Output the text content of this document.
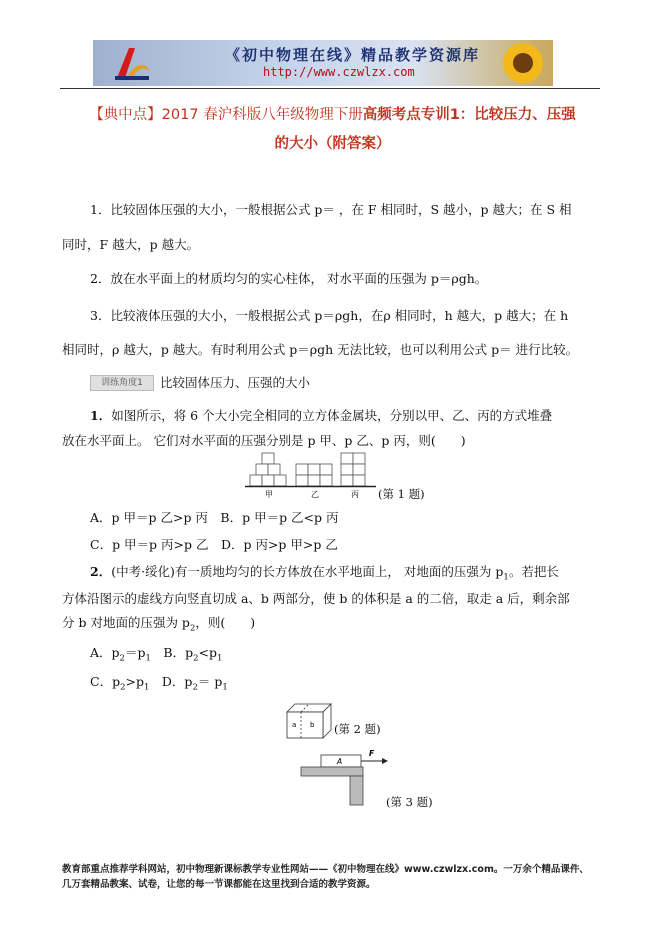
《初中物理在线》精品教学资源库
http://www.czwlzx.com
【典中点】2017 春沪科版八年级物理下册高频考点专训1：比较压力、压强
的大小（附答案）
1．比较固体压强的大小，一般根据公式 p＝ ，在 F 相同时，S 越小，p 越大；在 S 相
同时，F 越大，p 越大。
2．放在水平面上的材质均匀的实心柱体， 对水平面的压强为 p＝ρgh。
3．比较液体压强的大小，一般根据公式 p＝ρgh，在ρ 相同时，h 越大，p 越大；在 h
相同时，ρ 越大，p 越大。有时利用公式 p＝ρgh 无法比较，也可以利用公式 p＝ 进行比较。
训练角度1	比较固体压力、压强的大小
1．如图所示，将 6 个大小完全相同的立方体金属块，分别以甲、乙、丙的方式堆叠
放在水平面上。 它们对水平面的压强分别是 p 甲、p 乙、p 丙，则(　　)
甲	乙	丙 (第 1 题)
A．p 甲＝p 乙>p 丙　B．p 甲＝p 乙<p 丙
C．p 甲＝p 丙>p 乙　D．p 丙>p 甲>p 乙
2．(中考·绥化)有一质地均匀的长方体放在水平地面上， 对地面的压强为 $p_1$。若把长
方体沿图示的虚线方向竖直切成 a、b 两部分，使 b 的体积是 a 的二倍，取走 a 后，剩余部
分 b 对地面的压强为 $p_2$，则(　　)
A．$p_2=p_1$　B．$p_2<p_1$
C．$p_2>p_1$　D．$p_2= p_1$
a b (第 2 题)
A
F
(第 3 题)
教育部重点推荐学科网站，初中物理新课标教学专业性网站——《初中物理在线》www.czwlzx.com。一万余个精品课件、
几万套精品教案、试卷，让您的每一节课都能在这里找到合适的教学资源。
